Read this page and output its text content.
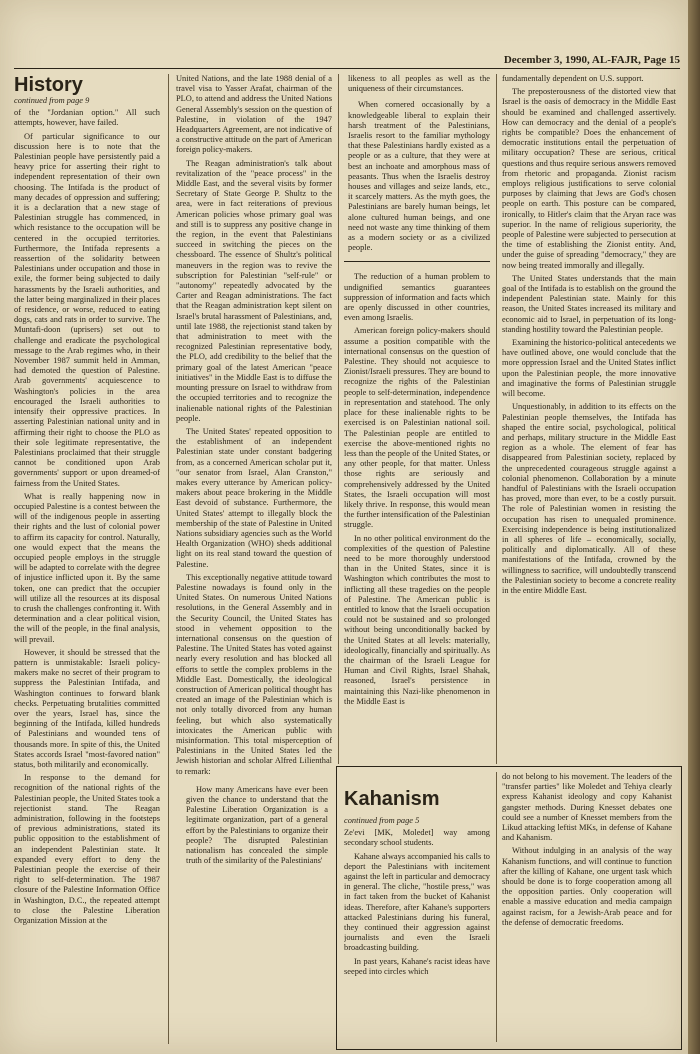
December 3, 1990, AL-FAJR, Page 15
History
continued from page 9

of the "Jordanian option." All such attempts, however, have failed.

Of particular significance to our discussion here is to note that the Palestinian people have persistently paid a heavy price for asserting their right to independent representation of their own choosing. The Intifada is the product of many decades of oppression and suffering; it is a declaration that a new stage of Palestinian struggle has commenced, in which resistance to the occupation will be centered in the occupied territories. Furthermore, the Intifada represents a reassertion of the solidarity between Palestinians under occupation and those in exile, the former being subjected to daily harassments by the Israeli authorities, and the latter being marginalized in their places of residence, or worse, reduced to eating dogs, cats and rats in order to survive. The Muntafi-doon (uprisers) set out to challenge and eradicate the psychological message to the Arab regimes who, in their November 1987 summit held in Amman, had demoted the question of Palestine. Arab governments' acquiescence to Washington's policies in the area encouraged the Israeli authorities to intensify their oppressive practices. In asserting Palestinian national unity and in affirming their right to choose the PLO as their sole legitimate representative, the Palestinians proclaimed that their struggle cannot be conditioned upon Arab governments' support or upon dreamed-of fairness from the United States.

What is really happening now in occupied Palestine is a contest between the will of the indigenous people in asserting their rights and the lust of colonial power to affirm its capacity for control. Naturally, one would expect that the means the occupied people employs in the struggle will be adapted to correlate with the degree of injustice inflicted upon it. By the same token, one can predict that the occupier will utilize all the resources at its disposal to crush the challenges confronting it. With determination and a clear political vision, the will of the people, in the final analysis, will prevail.

However, it should be stressed that the pattern is unmistakable: Israeli policy-makers make no secret of their program to suppress the Palestinian Intifada, and Washington continues to forward blank checks. Perpetuating brutalities committed over the years, Israel has, since the beginning of the Intifada, killed hundreds of Palestinians and wounded tens of thousands more. In spite of this, the United States accords Israel "most-favored nation" status, both militarily and economically.

In response to the demand for recognition of the national rights of the Palestinian people, the United States took a rejectionist stand. The Reagan administration, following in the footsteps of previous administrations, stated its public opposition to the establishment of an independent Palestinian state. It expanded every effort to deny the Palestinian people the exercise of their right to self-determination. The 1987 closure of the Palestine Information Office in Washington, D.C., the repeated attempt to close the Palestine Liberation Organization Mission at the

United Nations, and the late 1988 denial of a travel visa to Yasser Arafat, chairman of the PLO, to attend and address the United Nations General Assembly's session on the question of Palestine, in violation of the 1947 Headquarters Agreement, are not indicative of a constructive attitude on the part of American foreign policy-makers.

The Reagan administration's talk about revitalization of the "peace process" in the Middle East, and the several visits by former Secretary of State George P. Shultz to the area, were in fact reiterations of previous American policies whose primary goal was and still is to suppress any positive change in the region, in the event that Palestinians succeed in switching the pieces on the chessboard. The essence of Shultz's political maneuvers in the region was to revive the subscription for Palestinian "self-rule" or "autonomy" repeatedly advocated by the Carter and Reagan administrations. The fact that the Reagan administration kept silent on Israel's brutal harassment of Palestinians, and, until late 1988, the rejectionist stand taken by that administration to meet with the recognized Palestinian representative body, the PLO, add credibility to the belief that the primary goal of the latest American "peace initiatives" in the Middle East is to diffuse the mounting pressure on Israel to withdraw from the occupied territories and to recognize the inalienable national rights of the Palestinian people.

The United States' repeated opposition to the establishment of an independent Palestinian state under constant badgering from, as a concerned American scholar put it, "our senator from Israel, Alan Cranston," makes every utterance by American policy-makers about peace brokering in the Middle East devoid of substance. Furthermore, the United States' attempt to illegally block the membership of the state of Palestine in United Nations subsidiary agencies such as the World Health Organization (WHO) sheds additional light on its real stand toward the question of Palestine.

This exceptionally negative attitude toward Palestine nowadays is found only in the United States. On numerous United Nations resolutions, in the General Assembly and in the Security Council, the United States has stood in vehement opposition to the international consensus on the question of Palestine. The United States has voted against nearly every resolution and has blocked all efforts to settle the complex problems in the Middle East. Domestically, the ideological construction of American political thought has created an image of the Palestinian which is not only totally divorced from any human feeling, but which also systematically intoxicates the American public with misinformation. This total misperception of Palestinians in the United States led the Jewish historian and scholar Alfred Lilienthal to remark:

How many Americans have ever been given the chance to understand that the Palestine Liberation Organization is a legitimate organization, part of a general effort by the Palestinians to organize their people? The disrupted Palestinian nationalism has concealed the simple truth of the similarity of the Palestinians'

likeness to all peoples as well as the uniqueness of their circumstances.

When cornered occasionally by a knowledgeable liberal to explain their harsh treatment of the Palestinians, Israelis resort to the familiar mythology that these Palestinians hardly existed as a people or as a culture, that they were at best an inchoate and amorphous mass of peasants. Thus when the Israelis destroy houses and villages and seize lands, etc., it scarcely matters. As the myth goes, the Palestinians are barely human beings, let alone cultured human beings, and one need not waste any time thinking of them as a modern society or as a civilized people.

The reduction of a human problem to undignified semantics guarantees suppression of information and facts which are openly discussed in other countries, even among Israelis.

American foreign policy-makers should assume a position compatible with the international consensus on the question of Palestine. They should not acquiesce to Zionist/Israeli pressures. They are bound to recognize the rights of the Palestinian people to self-determination, independence in representation and statehood. The only place for these inalienable rights to be exercised is on Palestinian national soil. The Palestinian people are entitled to exercise the above-mentioned rights no less than the people of the United States, or any other people, for that matter. Unless those rights are seriously and comprehensively addressed by the United States, the Israeli occupation will most likely thrive. In response, this would mean the further intensification of the Palestinian struggle.

In no other political environment do the complexities of the question of Palestine need to be more thoroughly understood than in the United States, since it is Washington which contributes the most to inflicting all these tragedies on the people of Palestine. The American public is entitled to know that the Israeli occupation could not be sustained and so prolonged without being unconditionally backed by the United States at all levels: materially, ideologically, financially and spiritually. As the chairman of the Israeli League for Human and Civil Rights, Israel Shahak, reasoned, Israel's persistence in maintaining this Nazi-like phenomenon in the Middle East is

fundamentally dependent on U.S. support.

The preposterousness of the distorted view that Israel is the oasis of democracy in the Middle East should be examined and challenged assertively. How can democracy and the denial of a people's rights be compatible? Does the enhancement of democratic institutions entail the perpetuation of military occupation? These are serious, critical questions and thus require serious answers removed from rhetoric and propaganda. Zionist racism employs religious justifications to serve colonial purposes by claiming that Jews are God's chosen people on earth. This posture can be compared, ironically, to Hitler's claim that the Aryan race was superior. In the name of religious superiority, the people of Palestine were subjected to persecution at the time of establishing the Zionist entity. And, under the guise of spreading "democracy," they are now being treated immorally and illegally.

The United States understands that the main goal of the Intifada is to establish on the ground the independent Palestinian state. Mainly for this reason, the United States increased its military and economic aid to Israel, in perpetuation of its long-standing hostility toward the Palestinian people.

Examining the historico-political antecedents we have outlined above, one would conclude that the more oppression Israel and the United States inflict upon the Palestinian people, the more innovative and imaginative the forms of Palestinian struggle will become.

Unquestionably, in addition to its effects on the Palestinian people themselves, the Intifada has shaped the entire social, psychological, political and perhaps, military structure in the Middle East region as a whole. The element of fear has disappeared from Palestinian society, replaced by the unprecedented courageous struggle against a colonial phenomenon. Collaboration by a minute handful of Palestinians with the Israeli occupation has proved, more than ever, to be a costly pursuit. The role of Palestinian women in resisting the occupation has risen to unequaled prominence. Exercising independence is being institutionalized in all spheres of life – economically, socially, politically and diplomatically. All of these manifestations of the Intifada, crowned by the willingness to sacrifice, will undoubtedly transcend the Palestinian society to become a concrete reality in the entire Middle East.

Kahanism
continued from page 5

Ze'evi [MK, Moledet] way among secondary school students.

Kahane always accompanied his calls to deport the Palestinians with incitement against the left in particular and democracy in general. The cliche, "hostile press," was in fact taken from the bucket of Kahanist ideas. Therefore, after Kahane's supporters attacked Palestinians during his funeral, they continued their aggression against journalists and even the Israeli broadcasting building.

In past years, Kahane's racist ideas have seeped into circles which

do not belong to his movement. The leaders of the "transfer parties" like Moledet and Tehiya clearly express Kahanist ideology and copy Kahanist gangster methods. During Knesset debates one could see a number of Knesset members from the Likud attacking leftist MKs, in defense of Kahane and Kahanism.

Without indulging in an analysis of the way Kahanism functions, and will continue to function after the killing of Kahane, one urgent task which should be done is to forge cooperation among all the opposition parties. Only cooperation will enable a massive education and media campaign against racism, for a Jewish-Arab peace and for the defense of democratic freedoms.
